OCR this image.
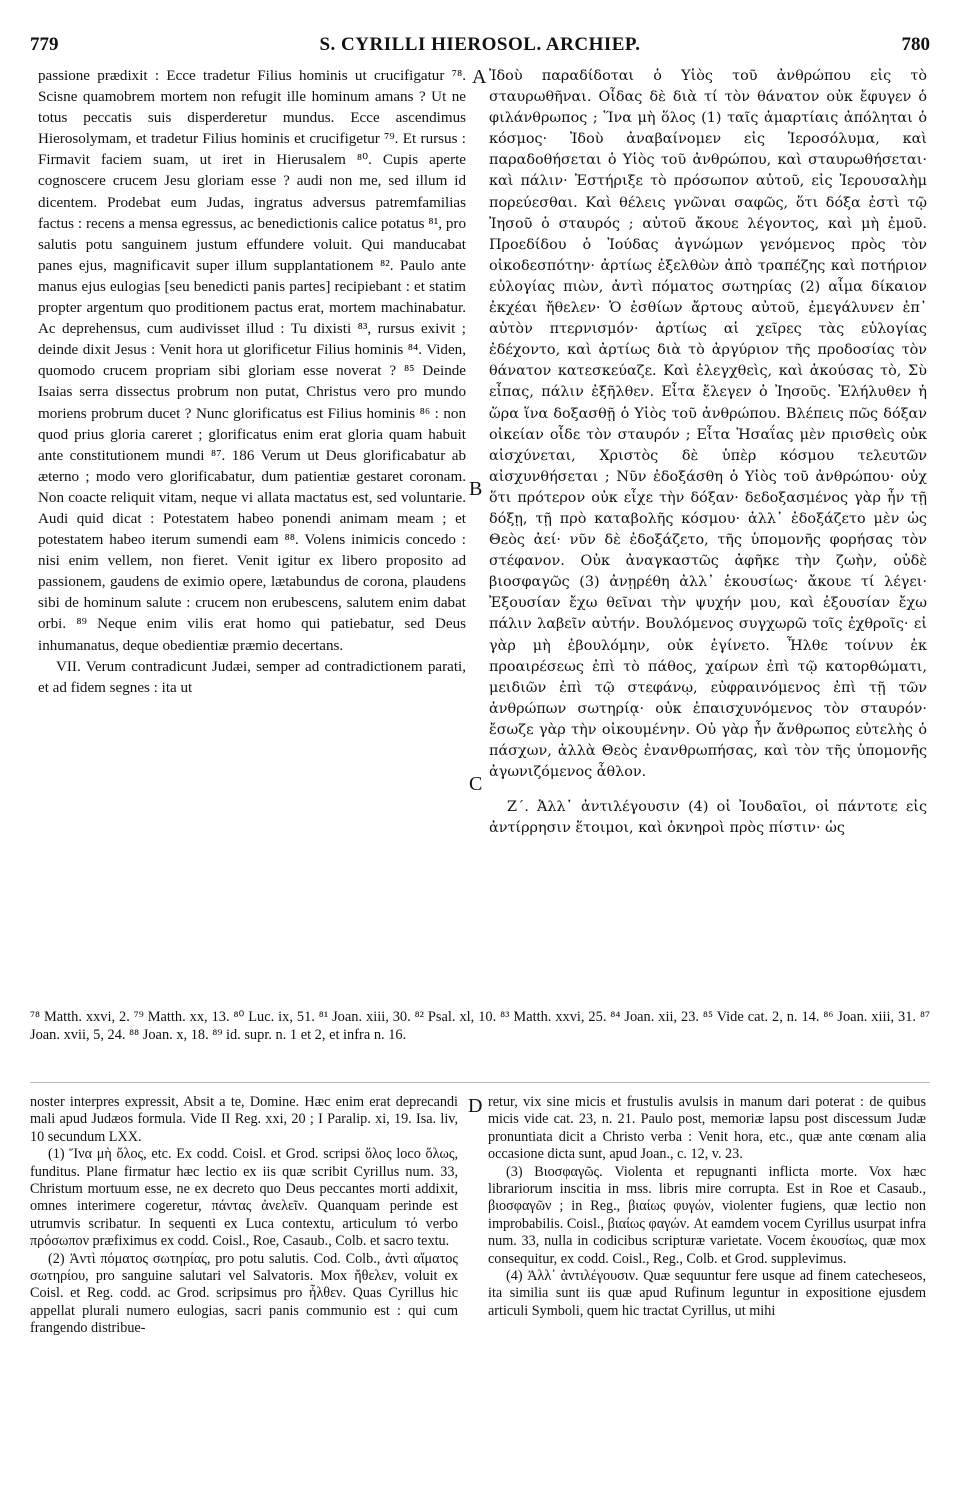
779	S. CYRILLI HIEROSOL. ARCHIEP.	780

passione prædixit : Ecce tradetur Filius hominis ut crucifigatur ⁷⁸. Scisne quamobrem mortem non refugit ille hominum amans ? Ut ne totus peccatis suis disperderetur mundus. Ecce ascendimus Hierosolymam, et tradetur Filius hominis et crucifigetur ⁷⁹. Et rursus : Firmavit faciem suam, ut iret in Hierusalem ⁸⁰. Cupis aperte cognoscere crucem Jesu gloriam esse ? audi non me, sed illum id dicentem. Prodebat eum Judas, ingratus adversus patremfamilias factus : recens a mensa egressus, ac benedictionis calice potatus ⁸¹, pro salutis potu sanguinem justum effundere voluit. Qui manducabat panes ejus, magnificavit super illum supplantationem ⁸². Paulo ante manus ejus eulogias [seu benedicti panis partes] recipiebant : et statim propter argentum quo proditionem pactus erat, mortem machinabatur. Ac deprehensus, cum audivisset illud : Tu dixisti ⁸³, rursus exivit ; deinde dixit Jesus : Venit hora ut glorificetur Filius hominis ⁸⁴. Viden, quomodo crucem propriam sibi gloriam esse noverat ? ⁸⁵ Deinde Isaias serra dissectus probrum non putat, Christus vero pro mundo moriens probrum ducet ? Nunc glorificatus est Filius hominis ⁸⁶ : non quod prius gloria careret ; glorificatus enim erat gloria quam habuit ante constitutionem mundi ⁸⁷. 186 Verum ut Deus glorificabatur ab æterno ; modo vero glorificabatur, dum patientiæ gestaret coronam. Non coacte reliquit vitam, neque vi allata mactatus est, sed voluntarie. Audi quid dicat : Potestatem habeo ponendi animam meam ; et potestatem habeo iterum sumendi eam ⁸⁸. Volens inimicis concedo : nisi enim vellem, non fieret. Venit igitur ex libero proposito ad passionem, gaudens de eximio opere, lætabundus de corona, plaudens sibi de hominum salute : crucem non erubescens, salutem enim dabat orbi. ⁸⁹ Neque enim vilis erat homo qui patiebatur, sed Deus inhumanatus, deque obedientiæ præmio decertans.

VII. Verum contradicunt Judæi, semper ad contradictionem parati, et ad fidem segnes : ita ut

A
B
C
D

Ἰδοὺ παραδίδοται ὁ Υἱὸς τοῦ ἀνθρώπου εἰς τὸ σταυρωθῆναι. Οἶδας δὲ διὰ τί τὸν θάνατον οὐκ ἔφυγεν ὁ φιλάνθρωπος ; Ἵνα μὴ ὅλος (1) ταῖς ἁμαρτίαις ἀπόληται ὁ κόσμος· Ἰδοὺ ἀναβαίνομεν εἰς Ἱεροσόλυμα, καὶ παραδοθήσεται ὁ Υἱὸς τοῦ ἀνθρώπου, καὶ σταυρωθήσεται· καὶ πάλιν· Ἐστήριξε τὸ πρόσωπον αὐτοῦ, εἰς Ἱερουσαλὴμ πορεύεσθαι. Καὶ θέλεις γνῶναι σαφῶς, ὅτι δόξα ἐστὶ τῷ Ἰησοῦ ὁ σταυρός ; αὐτοῦ ἄκουε λέγοντος, καὶ μὴ ἐμοῦ. Προεδίδου ὁ Ἰούδας ἀγνώμων γενόμενος πρὸς τὸν οἰκοδεσπότην· ἀρτίως ἐξελθὼν ἀπὸ τραπέζης καὶ ποτήριον εὐλογίας πιὼν, ἀντὶ πόματος σωτηρίας (2) αἷμα δίκαιον ἐκχέαι ἤθελεν· Ὁ ἐσθίων ἄρτους αὐτοῦ, ἐμεγάλυνεν ἐπ᾽ αὐτὸν πτερνισμόν· ἀρτίως αἱ χεῖρες τὰς εὐλογίας ἐδέχοντο, καὶ ἀρτίως διὰ τὸ ἀργύριον τῆς προδοσίας τὸν θάνατον κατεσκεύαζε. Καὶ ἐλεγχθεὶς, καὶ ἀκούσας τὸ, Σὺ εἶπας, πάλιν ἐξῆλθεν. Εἶτα ἔλεγεν ὁ Ἰησοῦς. Ἐλήλυθεν ἡ ὥρα ἵνα δοξασθῇ ὁ Υἱὸς τοῦ ἀνθρώπου. Βλέπεις πῶς δόξαν οἰκείαν οἶδε τὸν σταυρόν ; Εἶτα Ἡσαΐας μὲν πρισθεὶς οὐκ αἰσχύνεται, Χριστὸς δὲ ὑπὲρ κόσμου τελευτῶν αἰσχυνθήσεται ; Νῦν ἐδοξάσθη ὁ Υἱὸς τοῦ ἀνθρώπου· οὐχ ὅτι πρότερον οὐκ εἶχε τὴν δόξαν· δεδοξασμένος γὰρ ἦν τῇ δόξῃ, τῇ πρὸ καταβολῆς κόσμου· ἀλλ᾽ ἐδοξάζετο μὲν ὡς Θεὸς ἀεί· νῦν δὲ ἐδοξάζετο, τῆς ὑπομονῆς φορήσας τὸν στέφανον. Οὐκ ἀναγκαστῶς ἀφῆκε τὴν ζωὴν, οὐδὲ βιοσφαγῶς (3) ἀνῃρέθη ἀλλ᾽ ἑκουσίως· ἄκουε τί λέγει· Ἐξουσίαν ἔχω θεῖναι τὴν ψυχήν μου, καὶ ἐξουσίαν ἔχω πάλιν λαβεῖν αὐτήν. Βουλόμενος συγχωρῶ τοῖς ἐχθροῖς· εἰ γὰρ μὴ ἐβουλόμην, οὐκ ἐγίνετο. Ἦλθε τοίνυν ἐκ προαιρέσεως ἐπὶ τὸ πάθος, χαίρων ἐπὶ τῷ κατορθώματι, μειδιῶν ἐπὶ τῷ στεφάνῳ, εὐφραινόμενος ἐπὶ τῇ τῶν ἀνθρώπων σωτηρίᾳ· οὐκ ἐπαισχυνόμενος τὸν σταυρόν· ἔσωζε γὰρ τὴν οἰκουμένην. Οὐ γὰρ ἦν ἄνθρωπος εὐτελὴς ὁ πάσχων, ἀλλὰ Θεὸς ἐνανθρωπήσας, καὶ τὸν τῆς ὑπομονῆς ἀγωνιζόμενος ἆθλον.

Ζ΄. Ἀλλ᾽ ἀντιλέγουσιν (4) οἱ Ἰουδαῖοι, οἱ πάντοτε εἰς ἀντίρρησιν ἕτοιμοι, καὶ ὀκνηροὶ πρὸς πίστιν· ὡς

⁷⁸ Matth. xxvi, 2. ⁷⁹ Matth. xx, 13. ⁸⁰ Luc. ix, 51. ⁸¹ Joan. xiii, 30. ⁸² Psal. xl, 10. ⁸³ Matth. xxvi, 25. ⁸⁴ Joan. xii, 23. ⁸⁵ Vide cat. 2, n. 14. ⁸⁶ Joan. xiii, 31. ⁸⁷ Joan. xvii, 5, 24. ⁸⁸ Joan. x, 18. ⁸⁹ id. supr. n. 1 et 2, et infra n. 16.

noster interpres expressit, Absit a te, Domine. Hæc enim erat deprecandi mali apud Judæos formula. Vide II Reg. xxi, 20 ; I Paralip. xi, 19. Isa. liv, 10 secundum LXX.

(1) Ἵνα μὴ ὅλος, etc. Ex codd. Coisl. et Grod. scripsi ὅλος loco ὅλως, funditus. Plane firmatur hæc lectio ex iis quæ scribit Cyrillus num. 33, Christum mortuum esse, ne ex decreto quo Deus peccantes morti addixit, omnes interimere cogeretur, πάντας ἀνελεῖν. Quanquam perinde est utrumvis scribatur. In sequenti ex Luca contextu, articulum τό verbo πρόσωπον præfiximus ex codd. Coisl., Roe, Casaub., Colb. et sacro textu.

(2) Ἀντὶ πόματος σωτηρίας, pro potu salutis. Cod. Colb., ἀντὶ αἵματος σωτηρίου, pro sanguine salutari vel Salvatoris. Mox ἤθελεν, voluit ex Coisl. et Reg. codd. ac Grod. scripsimus pro ἦλθεν. Quas Cyrillus hic appellat plurali numero eulogias, sacri panis communio est : qui cum frangendo distribue-

retur, vix sine micis et frustulis avulsis in manum dari poterat : de quibus micis vide cat. 23, n. 21. Paulo post, memoriæ lapsu post discessum Judæ pronuntiata dicit a Christo verba : Venit hora, etc., quæ ante cœnam alia occasione dicta sunt, apud Joan., c. 12, v. 23.

(3) Βιοσφαγῶς. Violenta et repugnanti inflicta morte. Vox hæc librariorum inscitia in mss. libris mire corrupta. Est in Roe et Casaub., βιοσφαγῶν ; in Reg., βιαίως φυγών, violenter fugiens, quæ lectio non improbabilis. Coisl., βιαίως φαγών. At eamdem vocem Cyrillus usurpat infra num. 33, nulla in codicibus scripturæ varietate. Vocem ἑκουσίως, quæ mox consequitur, ex codd. Coisl., Reg., Colb. et Grod. supplevimus.

(4) Ἀλλ᾽ ἀντιλέγουσιν. Quæ sequuntur fere usque ad finem catecheseos, ita similia sunt iis quæ apud Rufinum leguntur in expositione ejusdem articuli Symboli, quem hic tractat Cyrillus, ut mihi
